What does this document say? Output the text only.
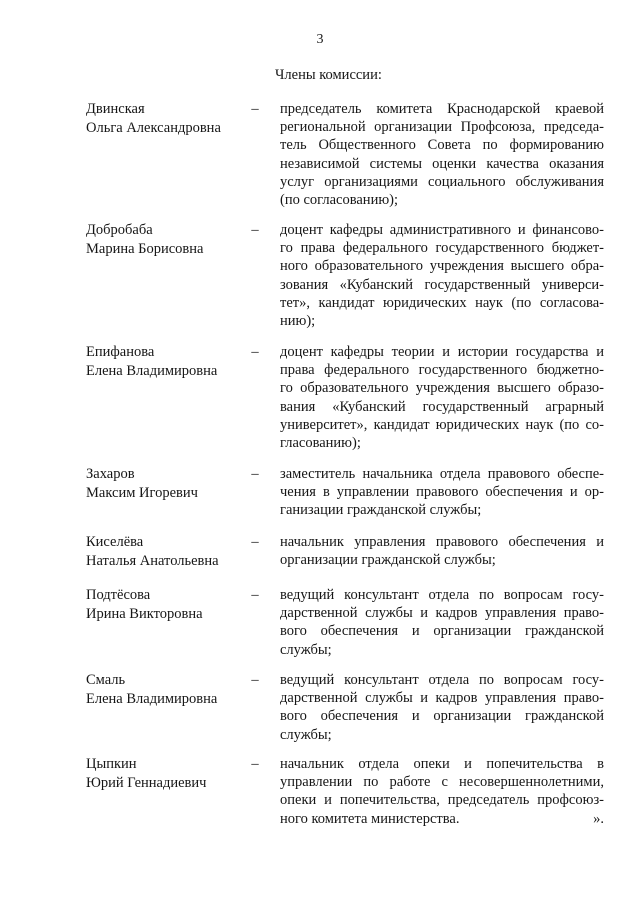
3
Члены комиссии:
Двинская
Ольга Александровна
– председатель комитета Краснодарской краевой
региональной организации Профсоюза, председа-
тель Общественного Совета по формированию
независимой системы оценки качества оказания
услуг организациями социального обслуживания
(по согласованию);
Добробаба
Марина Борисовна
– доцент кафедры административного и финансово-
го права федерального государственного бюджет-
ного образовательного учреждения высшего обра-
зования «Кубанский государственный универси-
тет», кандидат юридических наук (по согласова-
нию);
Епифанова
Елена Владимировна
– доцент кафедры теории и истории государства и
права федерального государственного бюджетно-
го образовательного учреждения высшего образо-
вания «Кубанский государственный аграрный
университет», кандидат юридических наук (по со-
гласованию);
Захаров
Максим Игоревич
– заместитель начальника отдела правового обеспе-
чения в управлении правового обеспечения и ор-
ганизации гражданской службы;
Киселёва
Наталья Анатольевна
– начальник управления правового обеспечения и
организации гражданской службы;
Подтёсова
Ирина Викторовна
– ведущий консультант отдела по вопросам госу-
дарственной службы и кадров управления право-
вого обеспечения и организации гражданской
службы;
Смаль
Елена Владимировна
– ведущий консультант отдела по вопросам госу-
дарственной службы и кадров управления право-
вого обеспечения и организации гражданской
службы;
Цыпкин
Юрий Геннадиевич
– начальник отдела опеки и попечительства в
управлении по работе с несовершеннолетними,
опеки и попечительства, председатель профсоюз-
ного комитета министерства.	».
